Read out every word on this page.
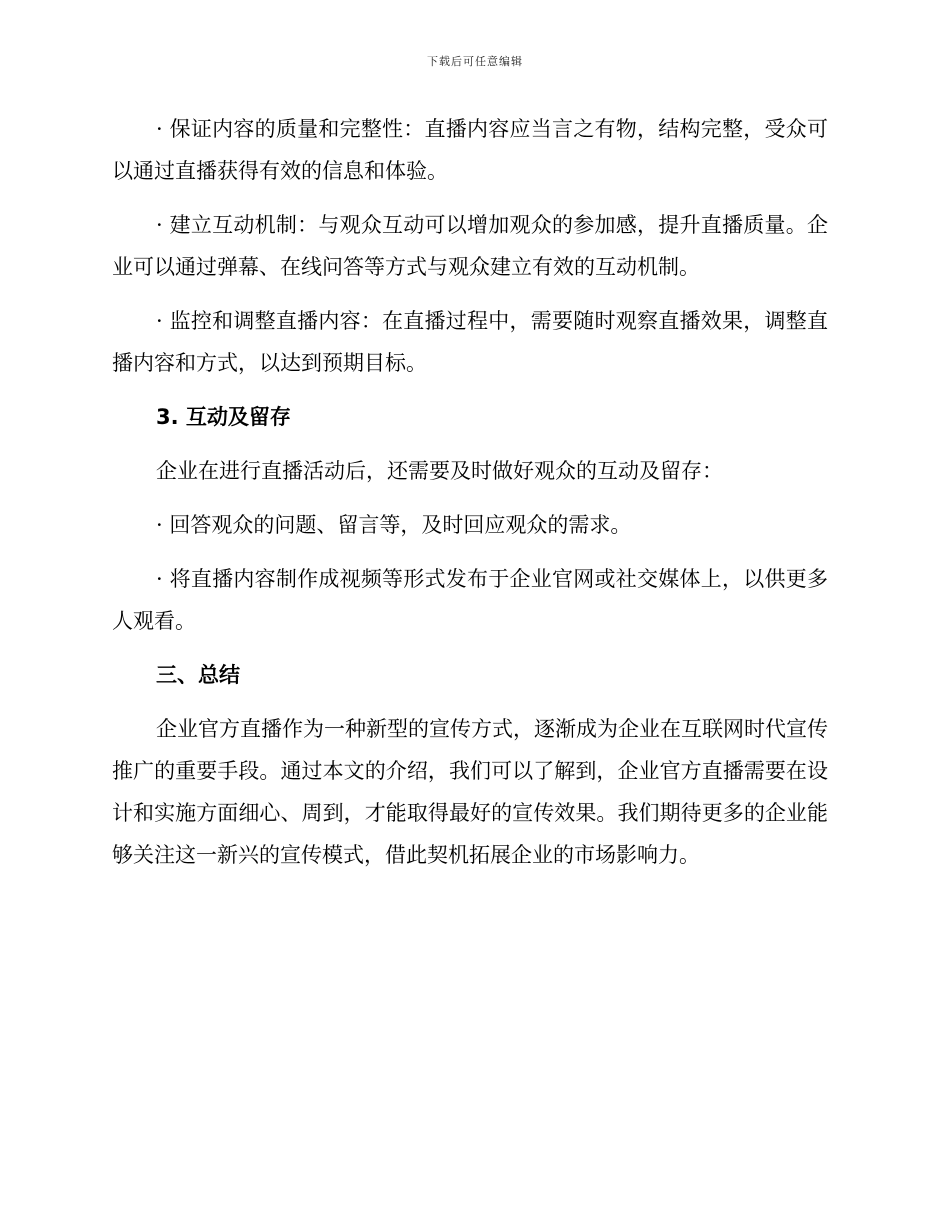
下载后可任意编辑

· 保证内容的质量和完整性：直播内容应当言之有物，结构完整，受众可以通过直播获得有效的信息和体验。

· 建立互动机制：与观众互动可以增加观众的参加感，提升直播质量。企业可以通过弹幕、在线问答等方式与观众建立有效的互动机制。

· 监控和调整直播内容：在直播过程中，需要随时观察直播效果，调整直播内容和方式，以达到预期目标。

3. 互动及留存

企业在进行直播活动后，还需要及时做好观众的互动及留存：

· 回答观众的问题、留言等，及时回应观众的需求。

· 将直播内容制作成视频等形式发布于企业官网或社交媒体上，以供更多人观看。

三、总结

企业官方直播作为一种新型的宣传方式，逐渐成为企业在互联网时代宣传推广的重要手段。通过本文的介绍，我们可以了解到，企业官方直播需要在设计和实施方面细心、周到，才能取得最好的宣传效果。我们期待更多的企业能够关注这一新兴的宣传模式，借此契机拓展企业的市场影响力。
